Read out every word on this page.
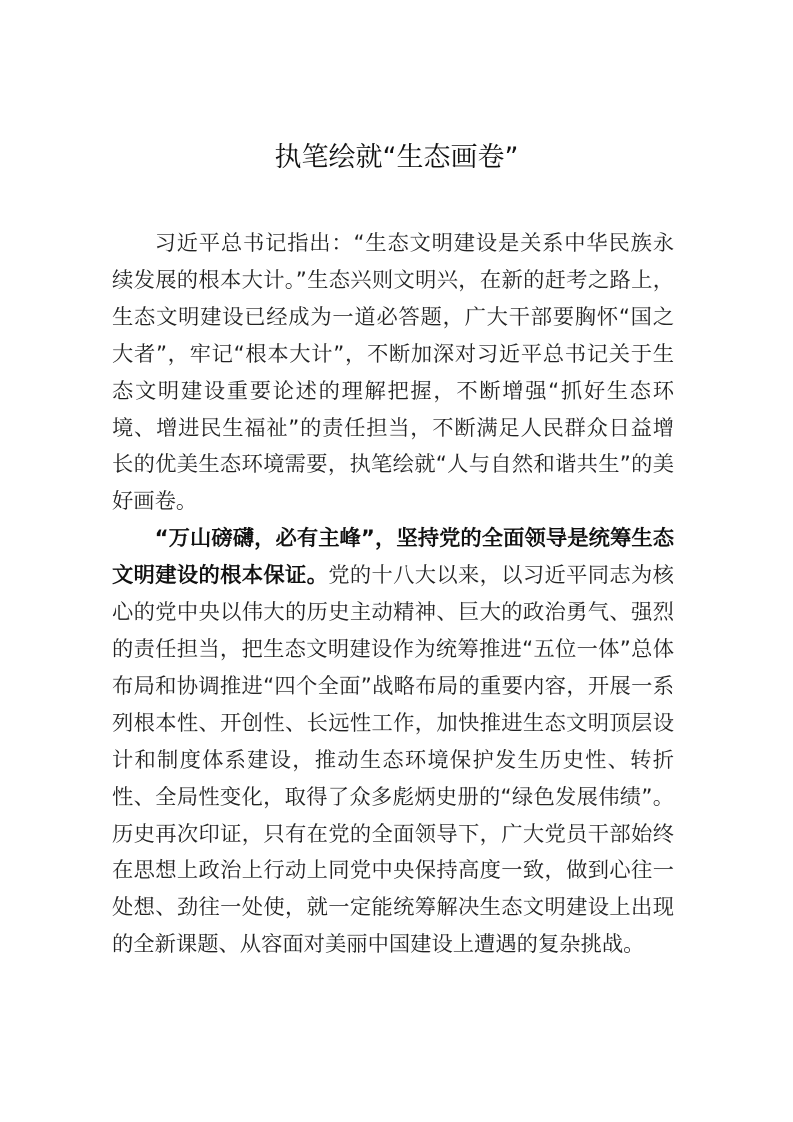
执笔绘就“生态画卷”

习近平总书记指出：“生态文明建设是关系中华民族永续发展的根本大计。”生态兴则文明兴，在新的赶考之路上，生态文明建设已经成为一道必答题，广大干部要胸怀“国之大者”，牢记“根本大计”，不断加深对习近平总书记关于生态文明建设重要论述的理解把握，不断增强“抓好生态环境、增进民生福祉”的责任担当，不断满足人民群众日益增长的优美生态环境需要，执笔绘就“人与自然和谐共生”的美好画卷。

“万山磅礴，必有主峰”，坚持党的全面领导是统筹生态文明建设的根本保证。党的十八大以来，以习近平同志为核心的党中央以伟大的历史主动精神、巨大的政治勇气、强烈的责任担当，把生态文明建设作为统筹推进“五位一体”总体布局和协调推进“四个全面”战略布局的重要内容，开展一系列根本性、开创性、长远性工作，加快推进生态文明顶层设计和制度体系建设，推动生态环境保护发生历史性、转折性、全局性变化，取得了众多彪炳史册的“绿色发展伟绩”。历史再次印证，只有在党的全面领导下，广大党员干部始终在思想上政治上行动上同党中央保持高度一致，做到心往一处想、劲往一处使，就一定能统筹解决生态文明建设上出现的全新课题、从容面对美丽中国建设上遭遇的复杂挑战。
